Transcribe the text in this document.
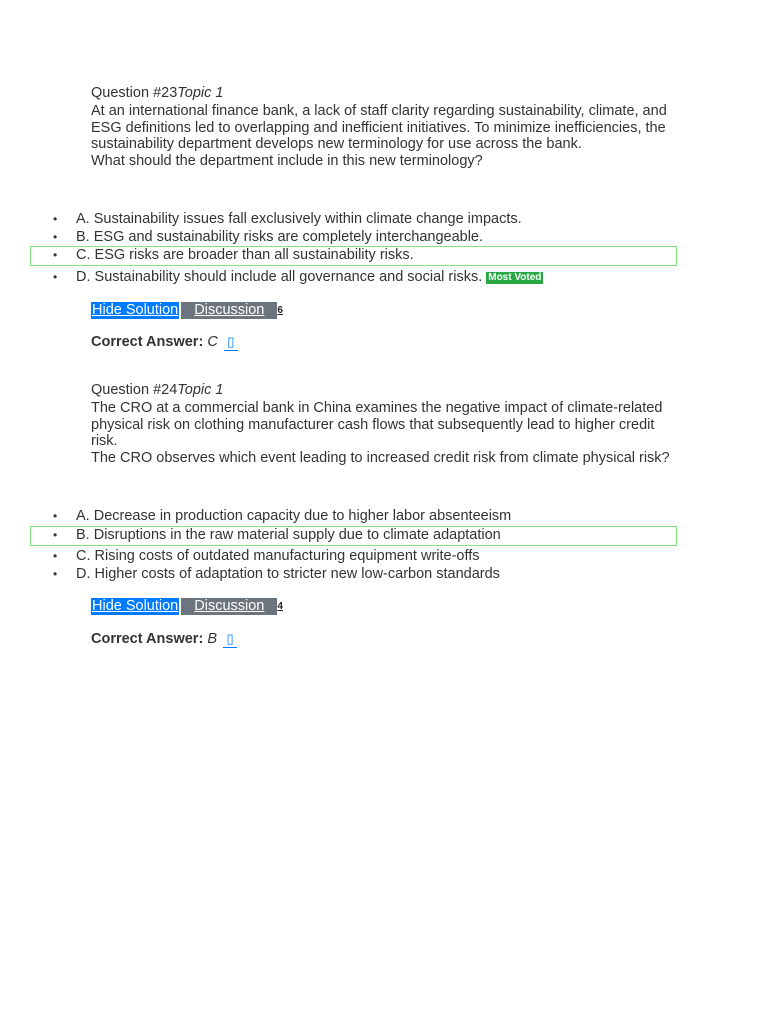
Question #23Topic 1

At an international finance bank, a lack of staff clarity regarding sustainability, climate, and ESG definitions led to overlapping and inefficient initiatives. To minimize inefficiencies, the sustainability department develops new terminology for use across the bank.

What should the department include in this new terminology?

• A. Sustainability issues fall exclusively within climate change impacts.
• B. ESG and sustainability risks are completely interchangeable.
• C. ESG risks are broader than all sustainability risks.
• D. Sustainability should include all governance and social risks. Most Voted
Hide Solution Discussion 6
Correct Answer: C ▯
Question #24Topic 1

The CRO at a commercial bank in China examines the negative impact of climate-related physical risk on clothing manufacturer cash flows that subsequently lead to higher credit risk.

The CRO observes which event leading to increased credit risk from climate physical risk?

• A. Decrease in production capacity due to higher labor absenteeism
• B. Disruptions in the raw material supply due to climate adaptation
• C. Rising costs of outdated manufacturing equipment write-offs
• D. Higher costs of adaptation to stricter new low-carbon standards
Hide Solution Discussion 4
Correct Answer: B ▯
